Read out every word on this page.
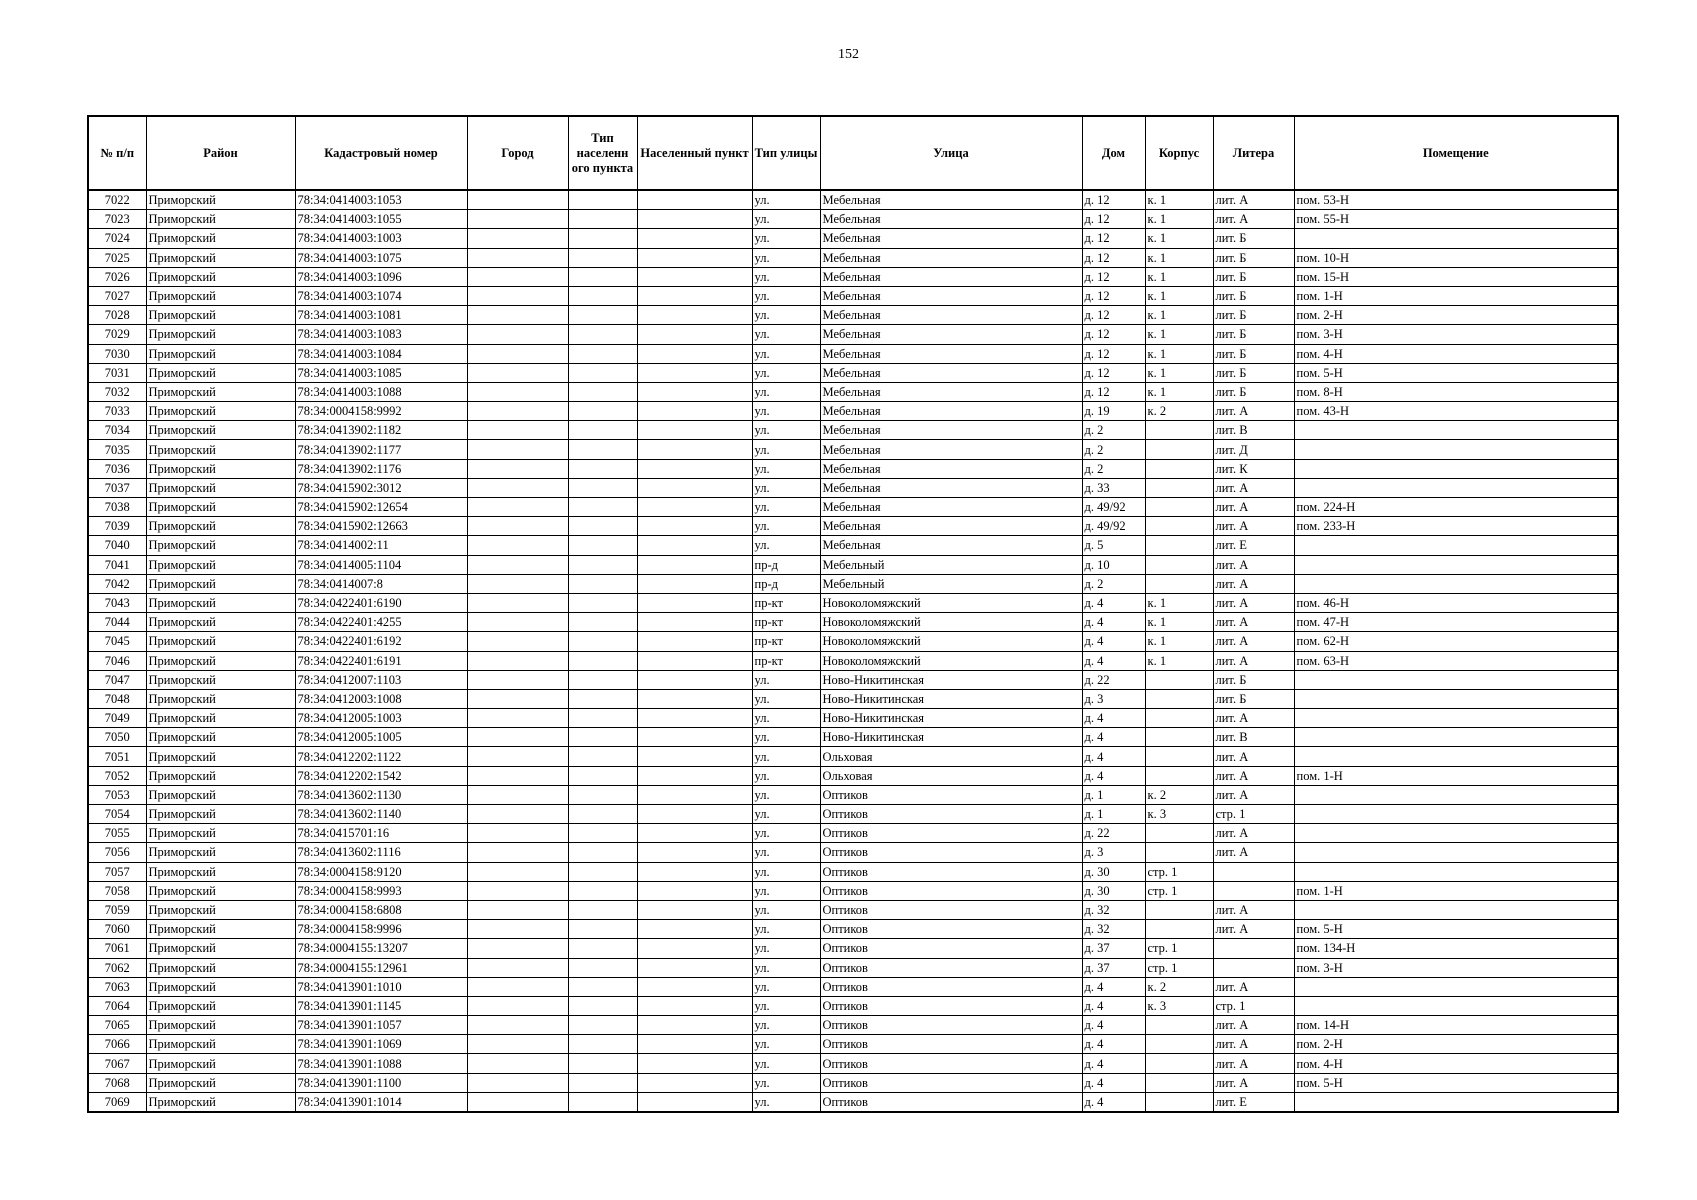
152
№ п/п	Район	Кадастровый номер	Город	Тип населенн ого пункта	Населенный пункт	Тип улицы	Улица	Дом	Корпус	Литера	Помещение
7022	Приморский	78:34:0414003:1053				ул.	Мебельная	д. 12	к. 1	лит. А	пом. 53-Н
7023	Приморский	78:34:0414003:1055				ул.	Мебельная	д. 12	к. 1	лит. А	пом. 55-Н
7024	Приморский	78:34:0414003:1003				ул.	Мебельная	д. 12	к. 1	лит. Б	
7025	Приморский	78:34:0414003:1075				ул.	Мебельная	д. 12	к. 1	лит. Б	пом. 10-Н
7026	Приморский	78:34:0414003:1096				ул.	Мебельная	д. 12	к. 1	лит. Б	пом. 15-Н
7027	Приморский	78:34:0414003:1074				ул.	Мебельная	д. 12	к. 1	лит. Б	пом. 1-Н
7028	Приморский	78:34:0414003:1081				ул.	Мебельная	д. 12	к. 1	лит. Б	пом. 2-Н
7029	Приморский	78:34:0414003:1083				ул.	Мебельная	д. 12	к. 1	лит. Б	пом. 3-Н
7030	Приморский	78:34:0414003:1084				ул.	Мебельная	д. 12	к. 1	лит. Б	пом. 4-Н
7031	Приморский	78:34:0414003:1085				ул.	Мебельная	д. 12	к. 1	лит. Б	пом. 5-Н
7032	Приморский	78:34:0414003:1088				ул.	Мебельная	д. 12	к. 1	лит. Б	пом. 8-Н
7033	Приморский	78:34:0004158:9992				ул.	Мебельная	д. 19	к. 2	лит. А	пом. 43-Н
7034	Приморский	78:34:0413902:1182				ул.	Мебельная	д. 2		лит. В	
7035	Приморский	78:34:0413902:1177				ул.	Мебельная	д. 2		лит. Д	
7036	Приморский	78:34:0413902:1176				ул.	Мебельная	д. 2		лит. К	
7037	Приморский	78:34:0415902:3012				ул.	Мебельная	д. 33		лит. А	
7038	Приморский	78:34:0415902:12654				ул.	Мебельная	д. 49/92		лит. А	пом. 224-Н
7039	Приморский	78:34:0415902:12663				ул.	Мебельная	д. 49/92		лит. А	пом. 233-Н
7040	Приморский	78:34:0414002:11				ул.	Мебельная	д. 5		лит. Е	
7041	Приморский	78:34:0414005:1104				пр-д	Мебельный	д. 10		лит. А	
7042	Приморский	78:34:0414007:8				пр-д	Мебельный	д. 2		лит. А	
7043	Приморский	78:34:0422401:6190				пр-кт	Новоколомяжский	д. 4	к. 1	лит. А	пом. 46-Н
7044	Приморский	78:34:0422401:4255				пр-кт	Новоколомяжский	д. 4	к. 1	лит. А	пом. 47-Н
7045	Приморский	78:34:0422401:6192				пр-кт	Новоколомяжский	д. 4	к. 1	лит. А	пом. 62-Н
7046	Приморский	78:34:0422401:6191				пр-кт	Новоколомяжский	д. 4	к. 1	лит. А	пом. 63-Н
7047	Приморский	78:34:0412007:1103				ул.	Ново-Никитинская	д. 22		лит. Б	
7048	Приморский	78:34:0412003:1008				ул.	Ново-Никитинская	д. 3		лит. Б	
7049	Приморский	78:34:0412005:1003				ул.	Ново-Никитинская	д. 4		лит. А	
7050	Приморский	78:34:0412005:1005				ул.	Ново-Никитинская	д. 4		лит. В	
7051	Приморский	78:34:0412202:1122				ул.	Ольховая	д. 4		лит. А	
7052	Приморский	78:34:0412202:1542				ул.	Ольховая	д. 4		лит. А	пом. 1-Н
7053	Приморский	78:34:0413602:1130				ул.	Оптиков	д. 1	к. 2	лит. А	
7054	Приморский	78:34:0413602:1140				ул.	Оптиков	д. 1	к. 3	стр. 1	
7055	Приморский	78:34:0415701:16				ул.	Оптиков	д. 22		лит. А	
7056	Приморский	78:34:0413602:1116				ул.	Оптиков	д. 3		лит. А	
7057	Приморский	78:34:0004158:9120				ул.	Оптиков	д. 30	стр. 1		
7058	Приморский	78:34:0004158:9993				ул.	Оптиков	д. 30	стр. 1		пом. 1-Н
7059	Приморский	78:34:0004158:6808				ул.	Оптиков	д. 32		лит. А	
7060	Приморский	78:34:0004158:9996				ул.	Оптиков	д. 32		лит. А	пом. 5-Н
7061	Приморский	78:34:0004155:13207				ул.	Оптиков	д. 37	стр. 1		пом. 134-Н
7062	Приморский	78:34:0004155:12961				ул.	Оптиков	д. 37	стр. 1		пом. 3-Н
7063	Приморский	78:34:0413901:1010				ул.	Оптиков	д. 4	к. 2	лит. А	
7064	Приморский	78:34:0413901:1145				ул.	Оптиков	д. 4	к. 3	стр. 1	
7065	Приморский	78:34:0413901:1057				ул.	Оптиков	д. 4		лит. А	пом. 14-Н
7066	Приморский	78:34:0413901:1069				ул.	Оптиков	д. 4		лит. А	пом. 2-Н
7067	Приморский	78:34:0413901:1088				ул.	Оптиков	д. 4		лит. А	пом. 4-Н
7068	Приморский	78:34:0413901:1100				ул.	Оптиков	д. 4		лит. А	пом. 5-Н
7069	Приморский	78:34:0413901:1014				ул.	Оптиков	д. 4		лит. Е	
